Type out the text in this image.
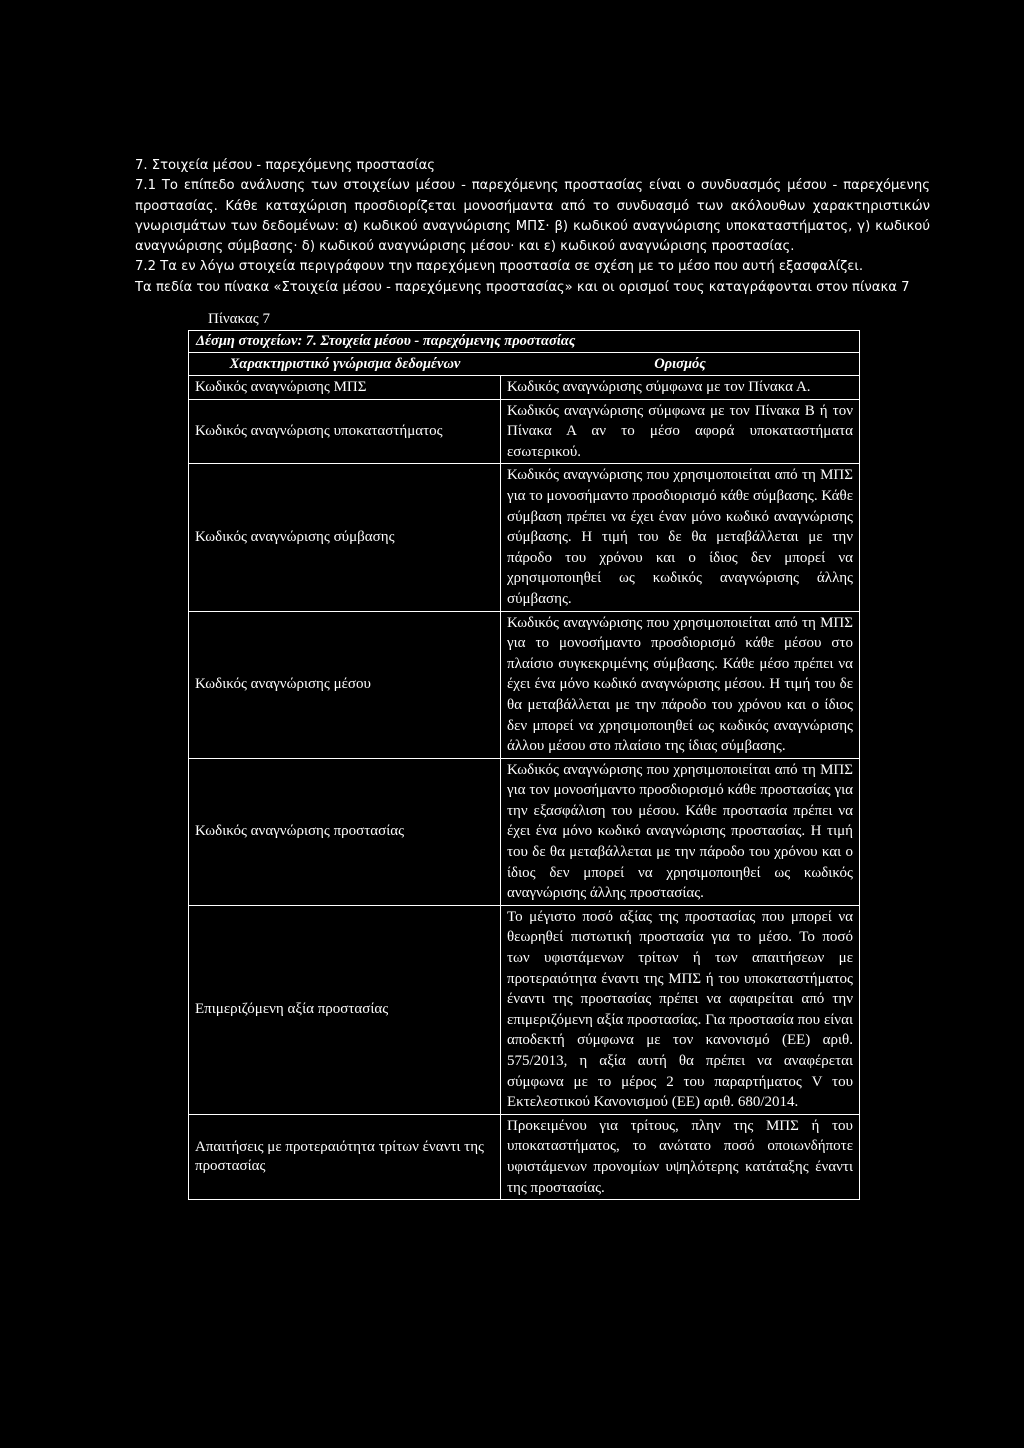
7. Στοιχεία μέσου - παρεχόμενης προστασίας

7.1 Το επίπεδο ανάλυσης των στοιχείων μέσου - παρεχόμενης προστασίας είναι ο συνδυασμός μέσου - παρεχόμενης προστασίας. Κάθε καταχώριση προσδιορίζεται μονοσήμαντα από το συνδυασμό των ακόλουθων χαρακτηριστικών γνωρισμάτων των δεδομένων: α) κωδικού αναγνώρισης ΜΠΣ· β) κωδικού αναγνώρισης υποκαταστήματος, γ) κωδικού αναγνώρισης σύμβασης· δ) κωδικού αναγνώρισης μέσου· και ε) κωδικού αναγνώρισης προστασίας.

7.2 Τα εν λόγω στοιχεία περιγράφουν την παρεχόμενη προστασία σε σχέση με το μέσο που αυτή εξασφαλίζει.

Τα πεδία του πίνακα «Στοιχεία μέσου - παρεχόμενης προστασίας» και οι ορισμοί τους καταγράφονται στον πίνακα 7

Πίνακας 7
Δέσμη στοιχείων: 7. Στοιχεία μέσου - παρεχόμενης προστασίας
Χαρακτηριστικό γνώρισμα δεδομένων	Ορισμός
Κωδικός αναγνώρισης ΜΠΣ	Κωδικός αναγνώρισης σύμφωνα με τον Πίνακα Α.
Κωδικός αναγνώρισης υποκαταστήματος
Κωδικός αναγνώρισης σύμφωνα με τον Πίνακα Β ή τον Πίνακα Α αν το μέσο αφορά υποκαταστήματα εσωτερικού.
Κωδικός αναγνώρισης σύμβασης
Κωδικός αναγνώρισης που χρησιμοποιείται από τη ΜΠΣ για το μονοσήμαντο προσδιορισμό κάθε σύμβασης. Κάθε σύμβαση πρέπει να έχει έναν μόνο κωδικό αναγνώρισης σύμβασης. Η τιμή του δε θα μεταβάλλεται με την πάροδο του χρόνου και ο ίδιος δεν μπορεί να χρησιμοποιηθεί ως κωδικός αναγνώρισης άλλης σύμβασης.
Κωδικός αναγνώρισης μέσου
Κωδικός αναγνώρισης που χρησιμοποιείται από τη ΜΠΣ για το μονοσήμαντο προσδιορισμό κάθε μέσου στο πλαίσιο συγκεκριμένης σύμβασης. Κάθε μέσο πρέπει να έχει ένα μόνο κωδικό αναγνώρισης μέσου. Η τιμή του δε θα μεταβάλλεται με την πάροδο του χρόνου και ο ίδιος δεν μπορεί να χρησιμοποιηθεί ως κωδικός αναγνώρισης άλλου μέσου στο πλαίσιο της ίδιας σύμβασης.
Κωδικός αναγνώρισης προστασίας
Κωδικός αναγνώρισης που χρησιμοποιείται από τη ΜΠΣ για τον μονοσήμαντο προσδιορισμό κάθε προστασίας για την εξασφάλιση του μέσου. Κάθε προστασία πρέπει να έχει ένα μόνο κωδικό αναγνώρισης προστασίας. Η τιμή του δε θα μεταβάλλεται με την πάροδο του χρόνου και ο ίδιος δεν μπορεί να χρησιμοποιηθεί ως κωδικός αναγνώρισης άλλης προστασίας.
Επιμεριζόμενη αξία προστασίας
Το μέγιστο ποσό αξίας της προστασίας που μπορεί να θεωρηθεί πιστωτική προστασία για το μέσο. Το ποσό των υφιστάμενων τρίτων ή των απαιτήσεων με προτεραιότητα έναντι της ΜΠΣ ή του υποκαταστήματος έναντι της προστασίας πρέπει να αφαιρείται από την επιμεριζόμενη αξία προστασίας. Για προστασία που είναι αποδεκτή σύμφωνα με τον κανονισμό (ΕΕ) αριθ. 575/2013, η αξία αυτή θα πρέπει να αναφέρεται σύμφωνα με το μέρος 2 του παραρτήματος V του Εκτελεστικού Κανονισμού (ΕΕ) αριθ. 680/2014.
Απαιτήσεις με προτεραιότητα τρίτων έναντι της προστασίας
Προκειμένου για τρίτους, πλην της ΜΠΣ ή του υποκαταστήματος, το ανώτατο ποσό οποιωνδήποτε υφιστάμενων προνομίων υψηλότερης κατάταξης έναντι της προστασίας.
